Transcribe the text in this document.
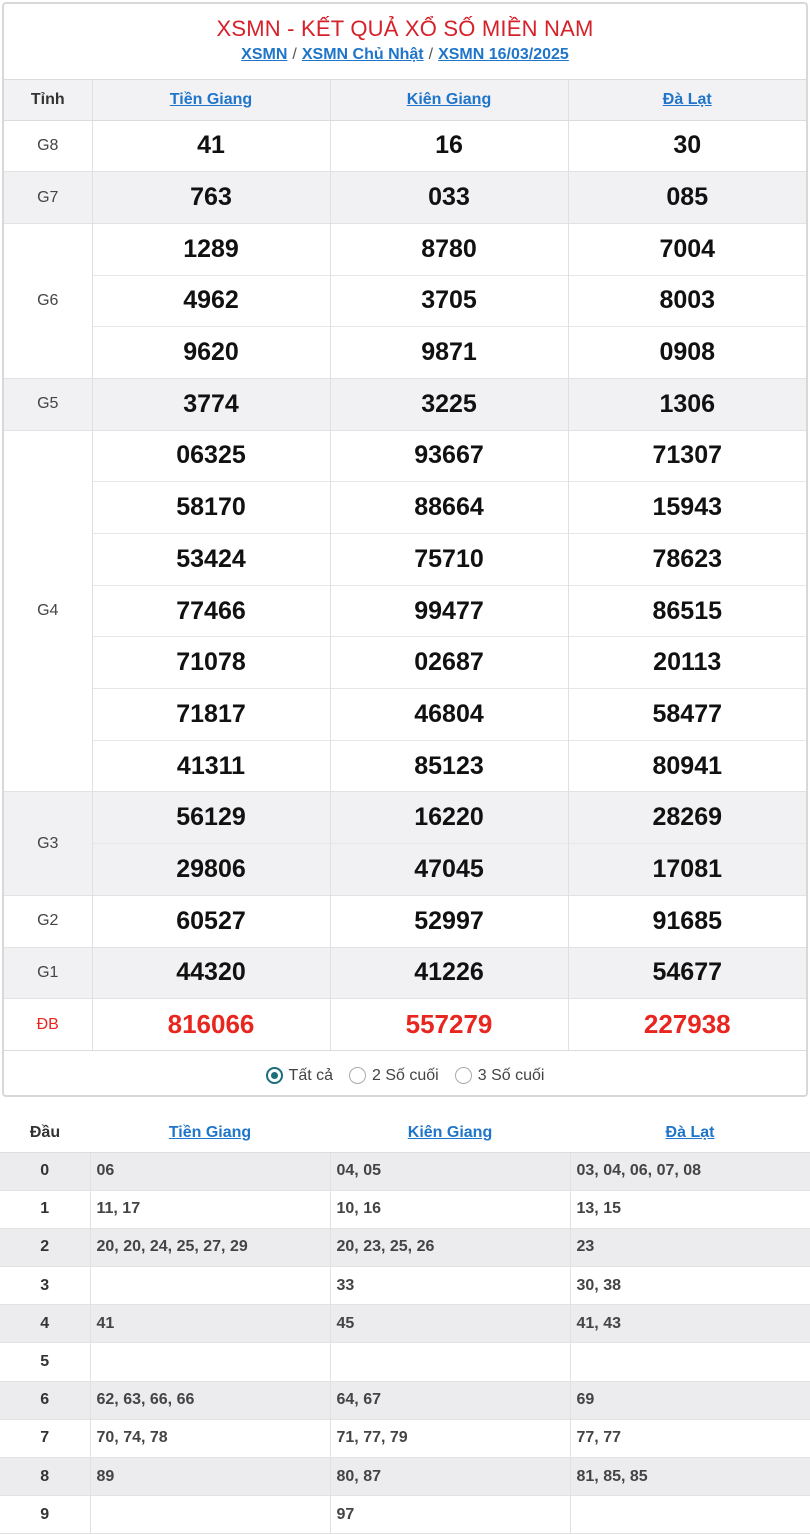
XSMN - KẾT QUẢ XỔ SỐ MIỀN NAM
XSMN / XSMN Chủ Nhật / XSMN 16/03/2025
Tỉnh	Tiền Giang	Kiên Giang	Đà Lạt
G8	41	16	30
G7	763	033	085
G6	1289	8780	7004
	4962	3705	8003
	9620	9871	0908
G5	3774	3225	1306
G4	06325	93667	71307
	58170	88664	15943
	53424	75710	78623
	77466	99477	86515
	71078	02687	20113
	71817	46804	58477
	41311	85123	80941
G3	56129	16220	28269
	29806	47045	17081
G2	60527	52997	91685
G1	44320	41226	54677
ĐB	816066	557279	227938
Tất cả 2 Số cuối 3 Số cuối
Đầu	Tiền Giang	Kiên Giang	Đà Lạt
0	06	04, 05	03, 04, 06, 07, 08
1	11, 17	10, 16	13, 15
2	20, 20, 24, 25, 27, 29	20, 23, 25, 26	23
3		33	30, 38
4	41	45	41, 43
5			
6	62, 63, 66, 66	64, 67	69
7	70, 74, 78	71, 77, 79	77, 77
8	89	80, 87	81, 85, 85
9		97	
